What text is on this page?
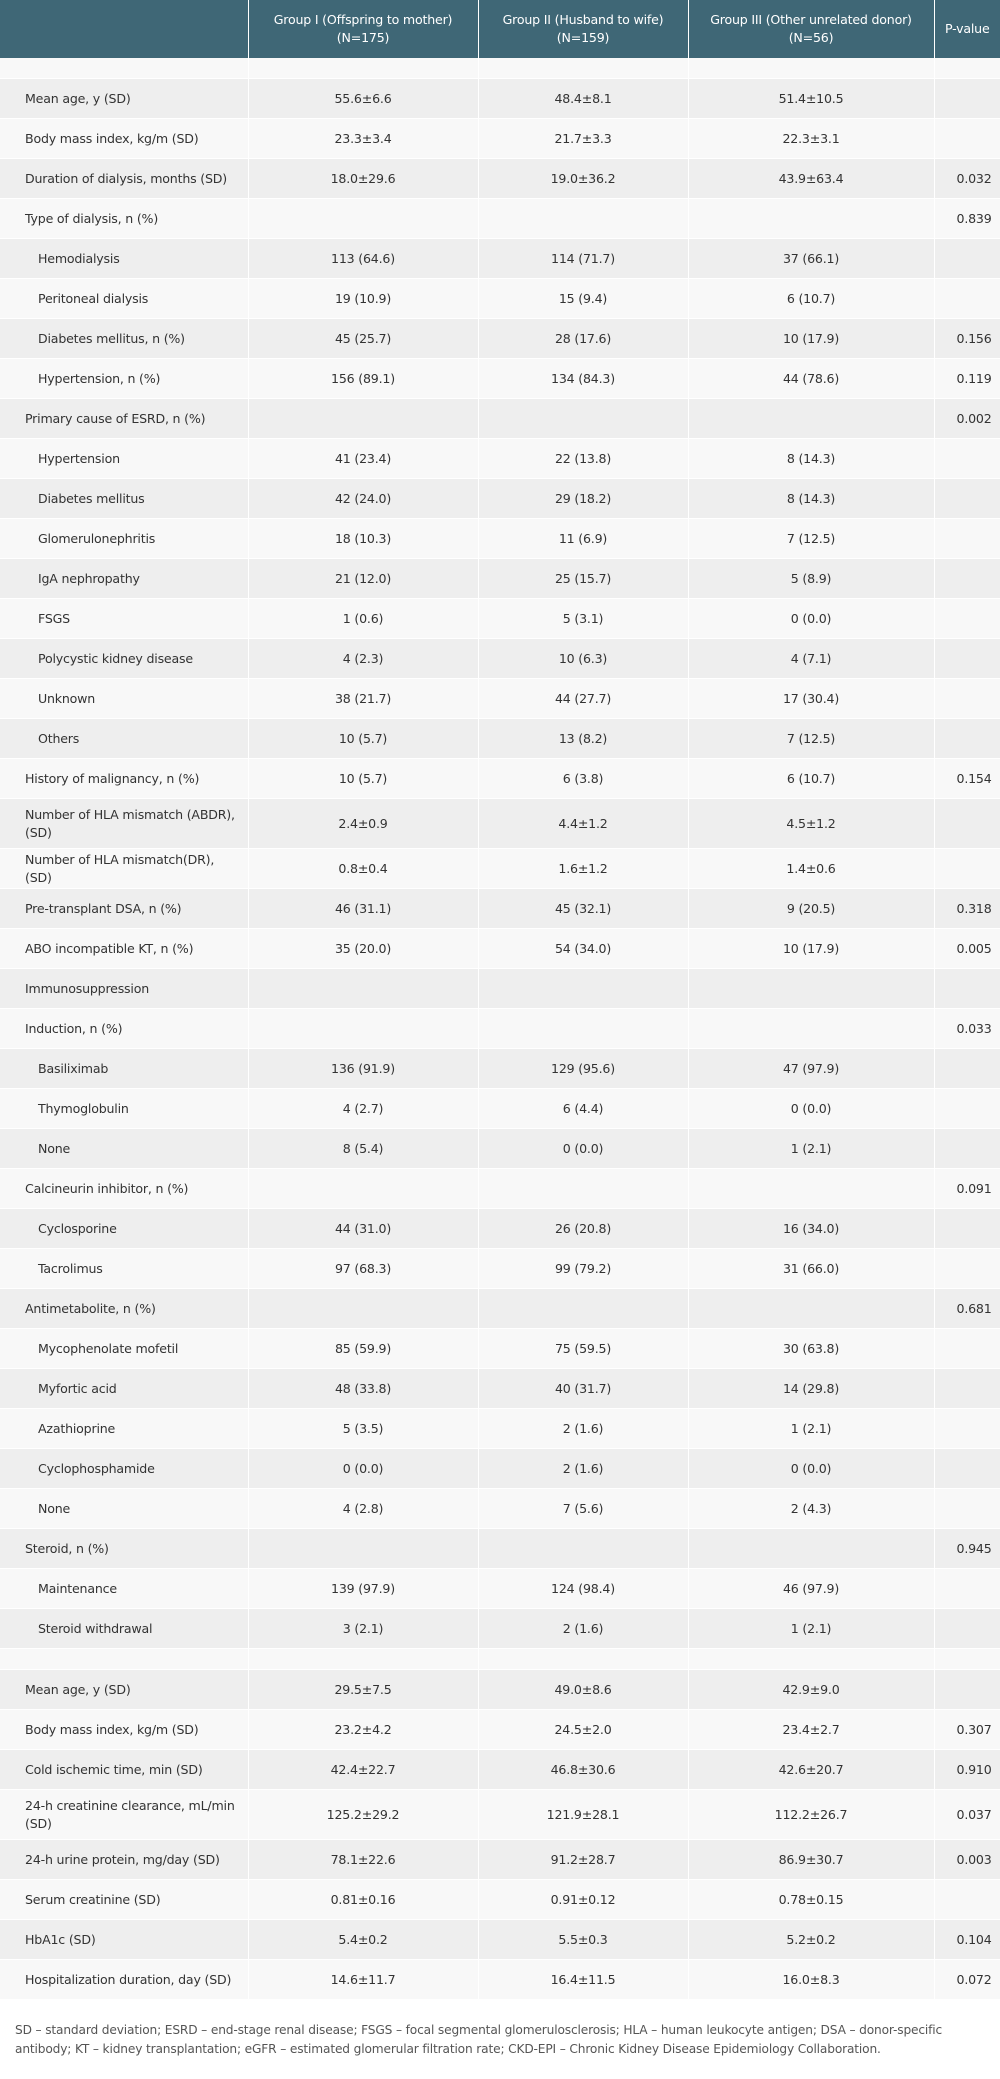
	Group I (Offspring to mother) (N=175)	Group II (Husband to wife) (N=159)	Group III (Other unrelated donor) (N=56)	P-value

Mean age, y (SD)	55.6±6.6	48.4±8.1	51.4±10.5	
Body mass index, kg/m (SD)	23.3±3.4	21.7±3.3	22.3±3.1	
Duration of dialysis, months (SD)	18.0±29.6	19.0±36.2	43.9±63.4	0.032
Type of dialysis, n (%)				0.839
Hemodialysis	113 (64.6)	114 (71.7)	37 (66.1)	
Peritoneal dialysis	19 (10.9)	15 (9.4)	6 (10.7)	
Diabetes mellitus, n (%)	45 (25.7)	28 (17.6)	10 (17.9)	0.156
Hypertension, n (%)	156 (89.1)	134 (84.3)	44 (78.6)	0.119
Primary cause of ESRD, n (%)				0.002
Hypertension	41 (23.4)	22 (13.8)	8 (14.3)	
Diabetes mellitus	42 (24.0)	29 (18.2)	8 (14.3)	
Glomerulonephritis	18 (10.3)	11 (6.9)	7 (12.5)	
IgA nephropathy	21 (12.0)	25 (15.7)	5 (8.9)	
FSGS	1 (0.6)	5 (3.1)	0 (0.0)	
Polycystic kidney disease	4 (2.3)	10 (6.3)	4 (7.1)	
Unknown	38 (21.7)	44 (27.7)	17 (30.4)	
Others	10 (5.7)	13 (8.2)	7 (12.5)	
History of malignancy, n (%)	10 (5.7)	6 (3.8)	6 (10.7)	0.154
Number of HLA mismatch (ABDR), (SD)	2.4±0.9	4.4±1.2	4.5±1.2	
Number of HLA mismatch(DR), (SD)	0.8±0.4	1.6±1.2	1.4±0.6	
Pre-transplant DSA, n (%)	46 (31.1)	45 (32.1)	9 (20.5)	0.318
ABO incompatible KT, n (%)	35 (20.0)	54 (34.0)	10 (17.9)	0.005
Immunosuppression				
Induction, n (%)				0.033
Basiliximab	136 (91.9)	129 (95.6)	47 (97.9)	
Thymoglobulin	4 (2.7)	6 (4.4)	0 (0.0)	
None	8 (5.4)	0 (0.0)	1 (2.1)	
Calcineurin inhibitor, n (%)				0.091
Cyclosporine	44 (31.0)	26 (20.8)	16 (34.0)	
Tacrolimus	97 (68.3)	99 (79.2)	31 (66.0)	
Antimetabolite, n (%)				0.681
Mycophenolate mofetil	85 (59.9)	75 (59.5)	30 (63.8)	
Myfortic acid	48 (33.8)	40 (31.7)	14 (29.8)	
Azathioprine	5 (3.5)	2 (1.6)	1 (2.1)	
Cyclophosphamide	0 (0.0)	2 (1.6)	0 (0.0)	
None	4 (2.8)	7 (5.6)	2 (4.3)	
Steroid, n (%)				0.945
Maintenance	139 (97.9)	124 (98.4)	46 (97.9)	
Steroid withdrawal	3 (2.1)	2 (1.6)	1 (2.1)	

Mean age, y (SD)	29.5±7.5	49.0±8.6	42.9±9.0	
Body mass index, kg/m (SD)	23.2±4.2	24.5±2.0	23.4±2.7	0.307
Cold ischemic time, min (SD)	42.4±22.7	46.8±30.6	42.6±20.7	0.910
24-h creatinine clearance, mL/min (SD)	125.2±29.2	121.9±28.1	112.2±26.7	0.037
24-h urine protein, mg/day (SD)	78.1±22.6	91.2±28.7	86.9±30.7	0.003
Serum creatinine (SD)	0.81±0.16	0.91±0.12	0.78±0.15	
HbA1c (SD)	5.4±0.2	5.5±0.3	5.2±0.2	0.104
Hospitalization duration, day (SD)	14.6±11.7	16.4±11.5	16.0±8.3	0.072
SD – standard deviation; ESRD – end-stage renal disease; FSGS – focal segmental glomerulosclerosis; HLA – human leukocyte antigen; DSA – donor-specific antibody; KT – kidney transplantation; eGFR – estimated glomerular filtration rate; CKD-EPI – Chronic Kidney Disease Epidemiology Collaboration.
